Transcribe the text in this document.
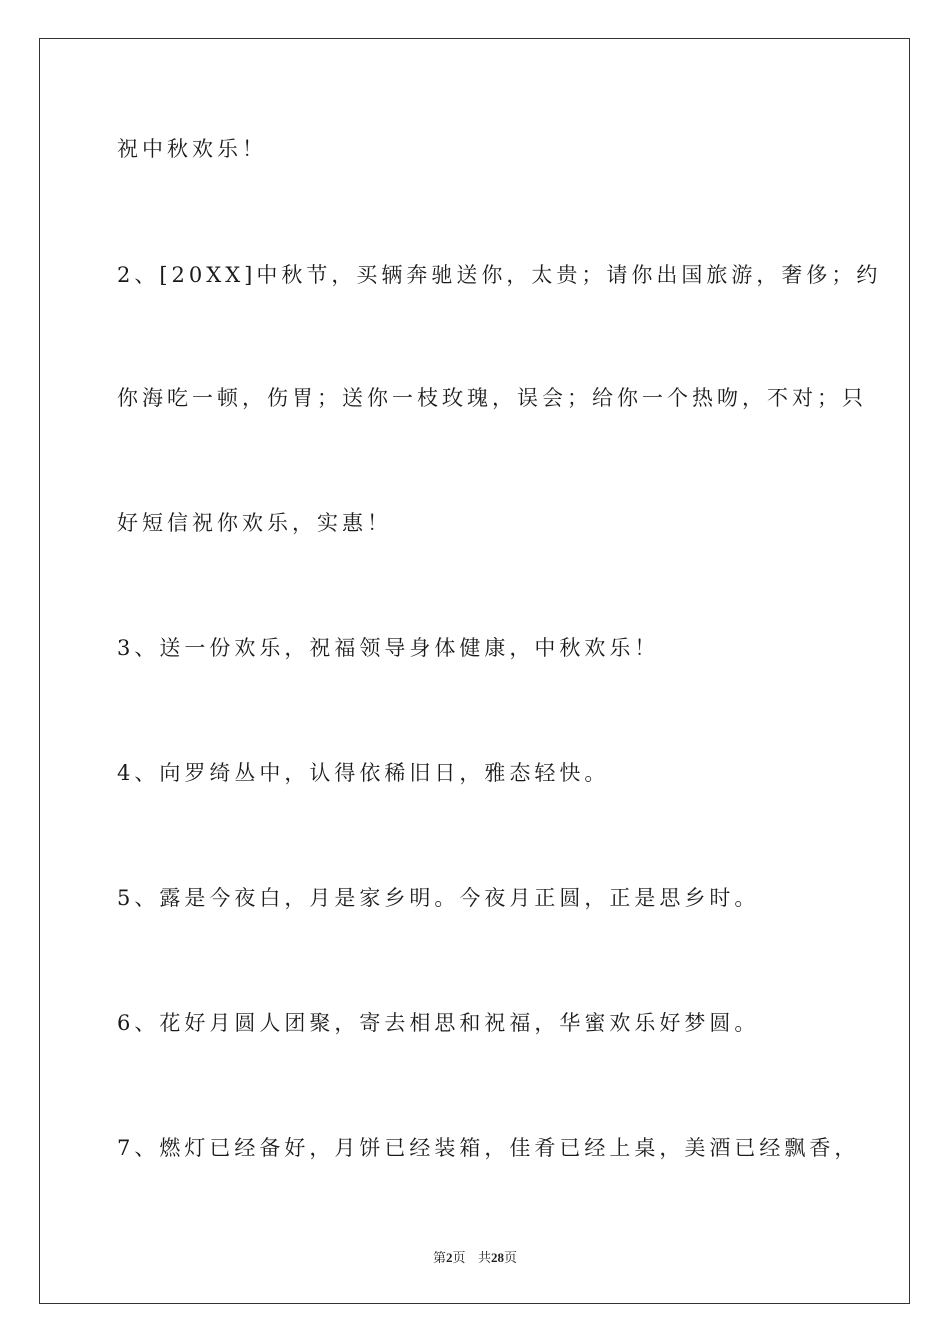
祝中秋欢乐！
2、[20XX]中秋节，买辆奔驰送你，太贵；请你出国旅游，奢侈；约
你海吃一顿，伤胃；送你一枝玫瑰，误会；给你一个热吻，不对；只
好短信祝你欢乐，实惠！
3、送一份欢乐，祝福领导身体健康，中秋欢乐！
4、向罗绮丛中，认得依稀旧日，雅态轻快。
5、露是今夜白，月是家乡明。今夜月正圆，正是思乡时。
6、花好月圆人团聚，寄去相思和祝福，华蜜欢乐好梦圆。
7、燃灯已经备好，月饼已经装箱，佳肴已经上桌，美酒已经飘香，
第2页 共28页
